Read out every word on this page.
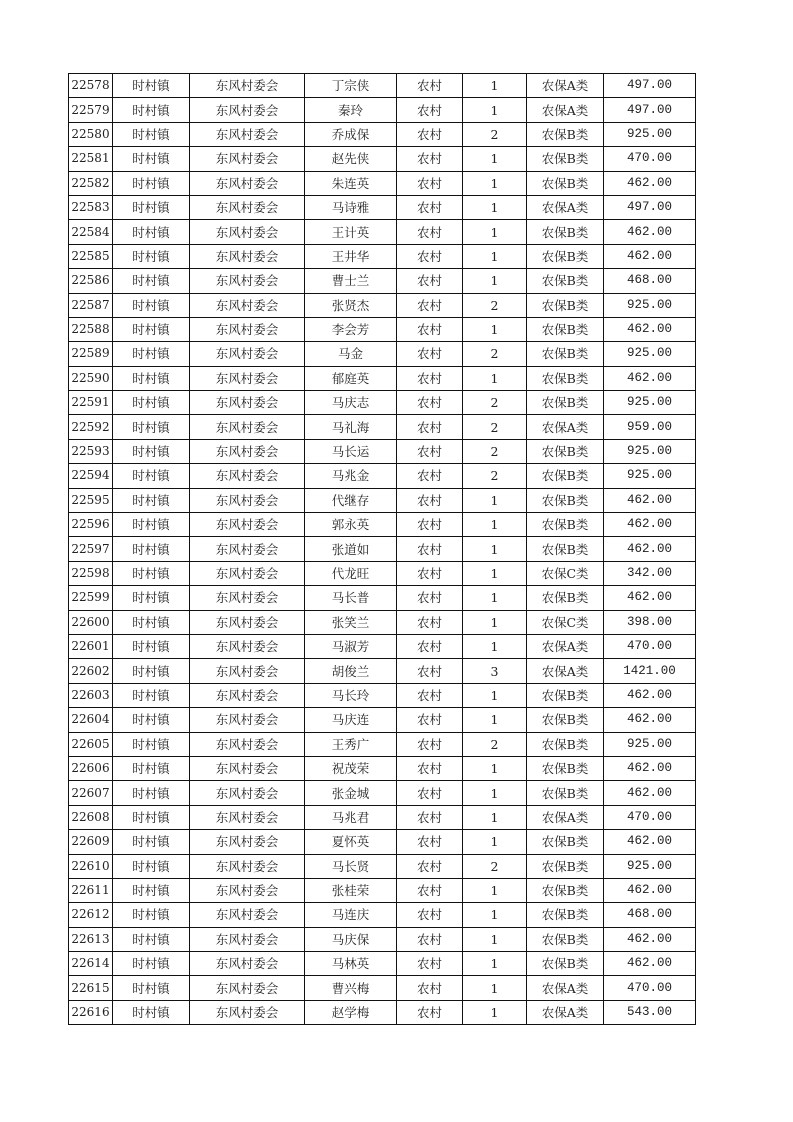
22578	时村镇	东风村委会	丁宗侠	农村	1	农保A类	497.00
22579	时村镇	东风村委会	秦玲	农村	1	农保A类	497.00
22580	时村镇	东风村委会	乔成保	农村	2	农保B类	925.00
22581	时村镇	东风村委会	赵先侠	农村	1	农保B类	470.00
22582	时村镇	东风村委会	朱连英	农村	1	农保B类	462.00
22583	时村镇	东风村委会	马诗雅	农村	1	农保A类	497.00
22584	时村镇	东风村委会	王计英	农村	1	农保B类	462.00
22585	时村镇	东风村委会	王井华	农村	1	农保B类	462.00
22586	时村镇	东风村委会	曹士兰	农村	1	农保B类	468.00
22587	时村镇	东风村委会	张贤杰	农村	2	农保B类	925.00
22588	时村镇	东风村委会	李会芳	农村	1	农保B类	462.00
22589	时村镇	东风村委会	马金	农村	2	农保B类	925.00
22590	时村镇	东风村委会	郁庭英	农村	1	农保B类	462.00
22591	时村镇	东风村委会	马庆志	农村	2	农保B类	925.00
22592	时村镇	东风村委会	马礼海	农村	2	农保A类	959.00
22593	时村镇	东风村委会	马长运	农村	2	农保B类	925.00
22594	时村镇	东风村委会	马兆金	农村	2	农保B类	925.00
22595	时村镇	东风村委会	代继存	农村	1	农保B类	462.00
22596	时村镇	东风村委会	郭永英	农村	1	农保B类	462.00
22597	时村镇	东风村委会	张道如	农村	1	农保B类	462.00
22598	时村镇	东风村委会	代龙旺	农村	1	农保C类	342.00
22599	时村镇	东风村委会	马长普	农村	1	农保B类	462.00
22600	时村镇	东风村委会	张笑兰	农村	1	农保C类	398.00
22601	时村镇	东风村委会	马淑芳	农村	1	农保A类	470.00
22602	时村镇	东风村委会	胡俊兰	农村	3	农保A类	1421.00
22603	时村镇	东风村委会	马长玲	农村	1	农保B类	462.00
22604	时村镇	东风村委会	马庆连	农村	1	农保B类	462.00
22605	时村镇	东风村委会	王秀广	农村	2	农保B类	925.00
22606	时村镇	东风村委会	祝茂荣	农村	1	农保B类	462.00
22607	时村镇	东风村委会	张金城	农村	1	农保B类	462.00
22608	时村镇	东风村委会	马兆君	农村	1	农保A类	470.00
22609	时村镇	东风村委会	夏怀英	农村	1	农保B类	462.00
22610	时村镇	东风村委会	马长贤	农村	2	农保B类	925.00
22611	时村镇	东风村委会	张桂荣	农村	1	农保B类	462.00
22612	时村镇	东风村委会	马连庆	农村	1	农保B类	468.00
22613	时村镇	东风村委会	马庆保	农村	1	农保B类	462.00
22614	时村镇	东风村委会	马林英	农村	1	农保B类	462.00
22615	时村镇	东风村委会	曹兴梅	农村	1	农保A类	470.00
22616	时村镇	东风村委会	赵学梅	农村	1	农保A类	543.00
